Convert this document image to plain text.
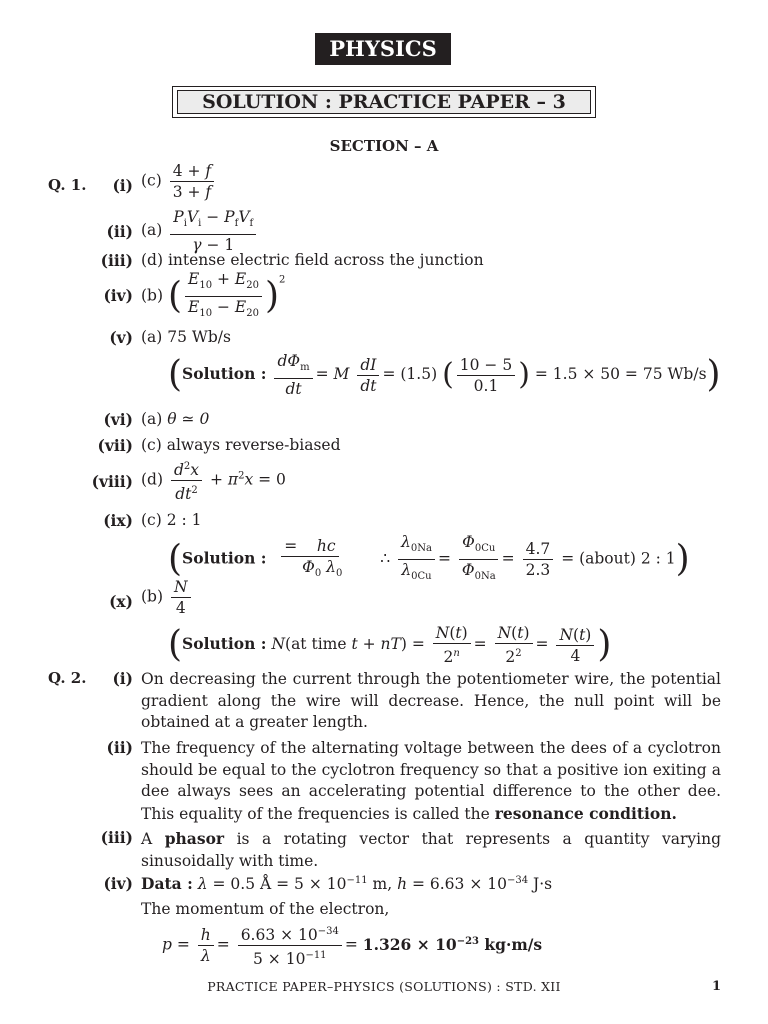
PHYSICS
SOLUTION : PRACTICE PAPER – 3
SECTION – A
Q. 1.	(i) $(c) \frac{4 + f}{3 + f}$
(ii) $(a) \frac{P_iV_i - P_fV_f}{\gamma - 1}$
(iii) (d) intense electric field across the junction
(iv) (b) ( $\frac{E_{10} + E_{20}}{E_{10} - E_{20}} )^2$
(v) (a) 75 Wb/s
(Solution : $\frac{d\Phi_m}{dt} = M \frac{dI}{dt} = (1.5)$ ( $\frac{10 - 5}{0.1}$ ) = 1.5 × 50 = 75 Wb/s)
(vi) (a) θ ≃ 0
(vii) (c) always reverse-biased
(viii) $(d) \frac{d^2x}{dt^2} + \pi^2x = 0$
(ix) (c) 2 : 1
(Solution : $\frac{= hc}{\Phi_0 \lambda_0}$ ∴ $\frac{\lambda_{0Na}}{\lambda_{0Cu}} = \frac{\Phi_{0Cu}}{\Phi_{0Na}} = \frac{4.7}{2.3}$ = (about) 2 : 1)
(x) $(b) \frac{N}{4}$
(Solution : N(at time $t + nT) = \frac{N(t)}{2^n} = \frac{N(t)}{2^2} = \frac{N(t)}{4}$ )
Q. 2.	(i) On decreasing the current through the potentiometer wire, the potential gradient along the wire will decrease. Hence, the null point will be obtained at a greater length.
(ii) The frequency of the alternating voltage between the dees of a cyclotron should be equal to the cyclotron frequency so that a positive ion exiting a dee always sees an accelerating potential difference to the other dee. This equality of the frequencies is called the resonance condition.
(iii) A phasor is a rotating vector that represents a quantity varying sinusoidally with time.
(iv) Data : λ = 0.5 Å = $5 \times 10^{-11}$ m, $h = 6.63 \times 10^{-34}$ J·s
The momentum of the electron,
$p = \frac{h}{\lambda} = \frac{6.63 \times 10^{-34}}{5 \times 10^{-11}} = 1.326 \times 10^{-23}$ kg·m/s
PRACTICE PAPER–PHYSICS (SOLUTIONS) : STD. XII	1
